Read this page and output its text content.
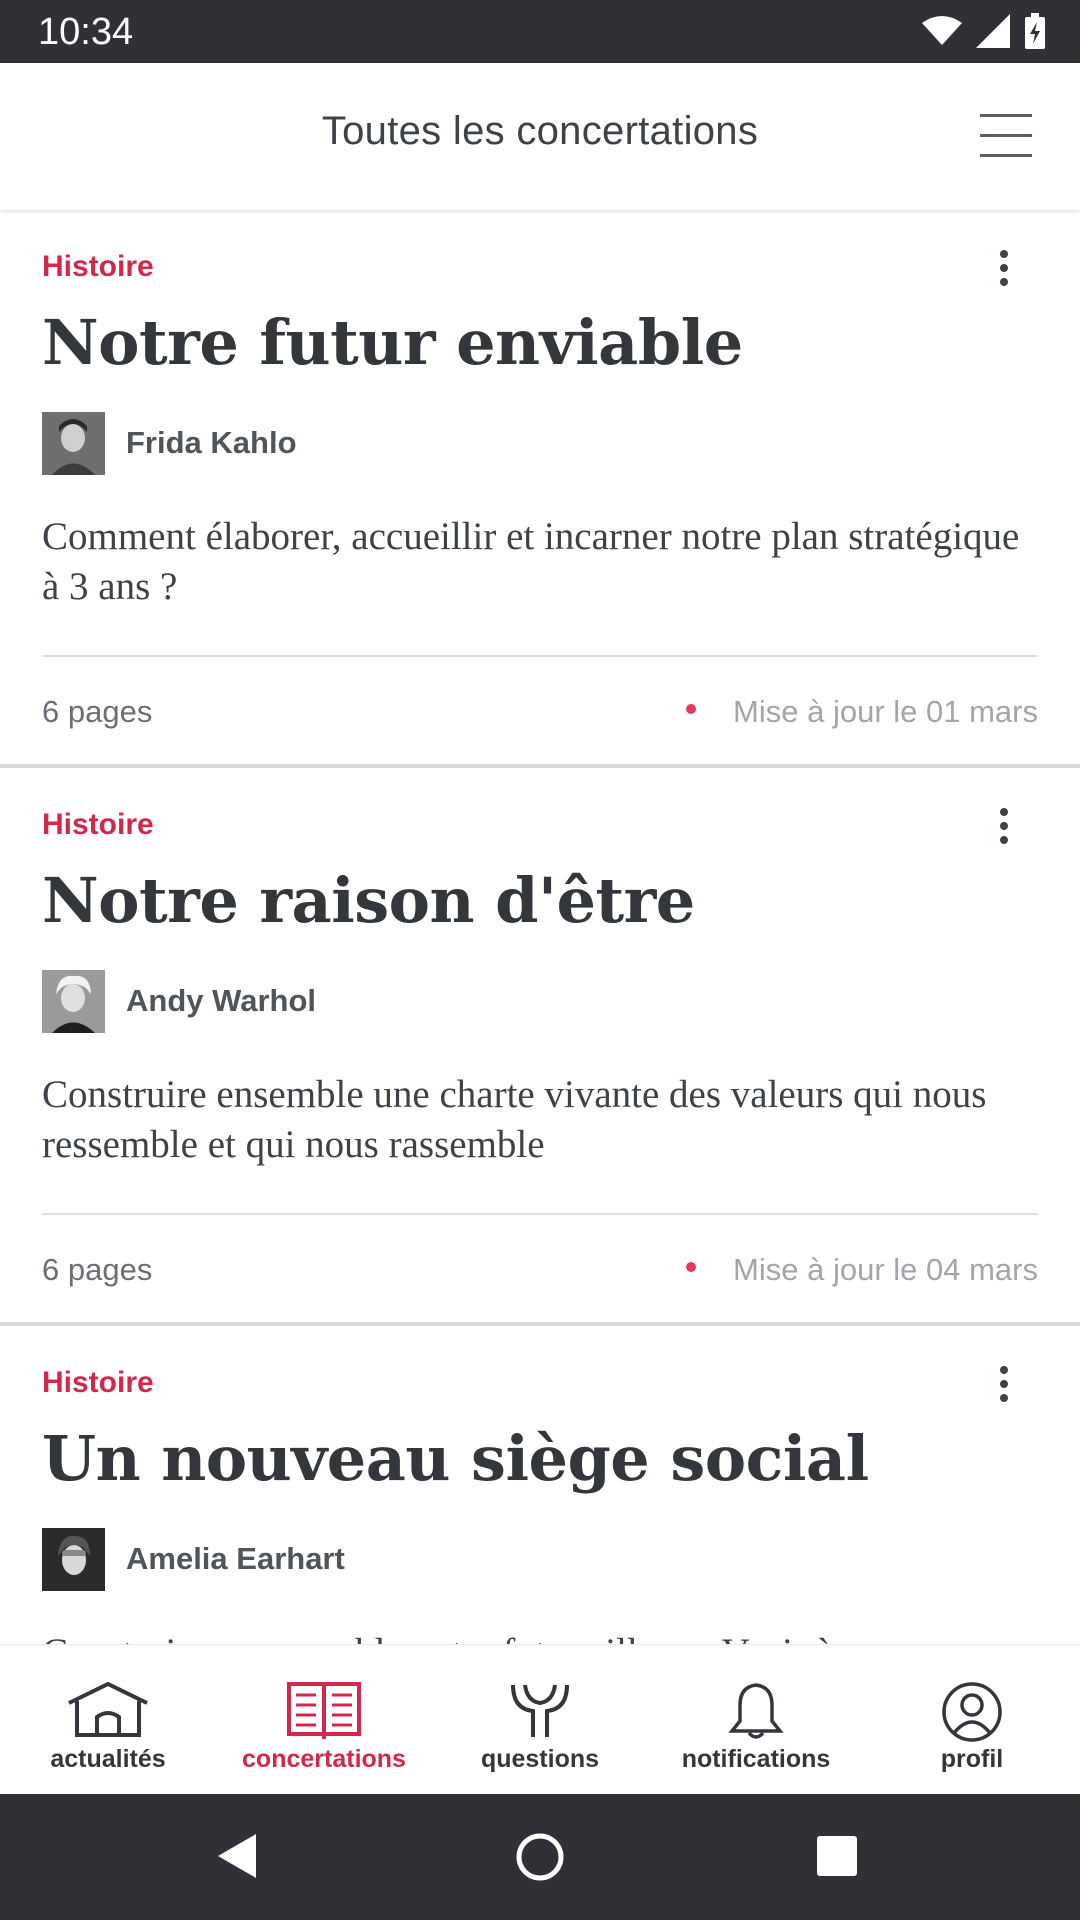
10:34
Toutes les concertations
Histoire
Notre futur enviable
Frida Kahlo
Comment élaborer, accueillir et incarner notre plan stratégique à 3 ans ?
6 pages	Mise à jour le 01 mars
Histoire
Notre raison d'être
Andy Warhol
Construire ensemble une charte vivante des valeurs qui nous ressemble et qui nous rassemble
6 pages	Mise à jour le 04 mars
Histoire
Un nouveau siège social
Amelia Earhart
actualités	concertations	questions	notifications	profil
